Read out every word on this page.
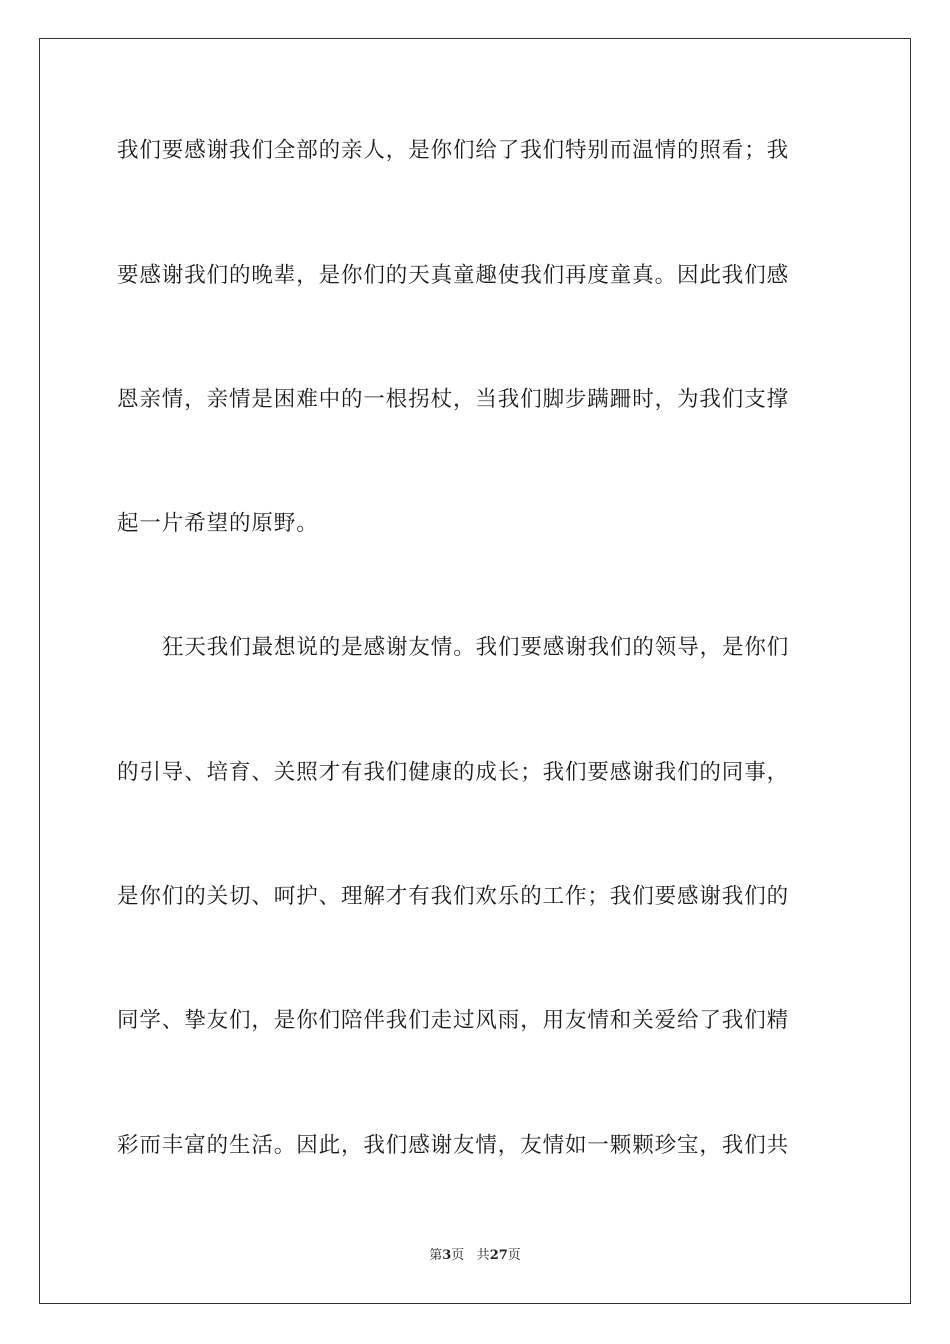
我们要感谢我们全部的亲人，是你们给了我们特别而温情的照看；我
要感谢我们的晚辈，是你们的天真童趣使我们再度童真。因此我们感
恩亲情，亲情是困难中的一根拐杖，当我们脚步蹒跚时，为我们支撑
起一片希望的原野。
狂天我们最想说的是感谢友情。我们要感谢我们的领导，是你们
的引导、培育、关照才有我们健康的成长；我们要感谢我们的同事，
是你们的关切、呵护、理解才有我们欢乐的工作；我们要感谢我们的
同学、挚友们，是你们陪伴我们走过风雨，用友情和关爱给了我们精
彩而丰富的生活。因此，我们感谢友情，友情如一颗颗珍宝，我们共
第3页 共27页
